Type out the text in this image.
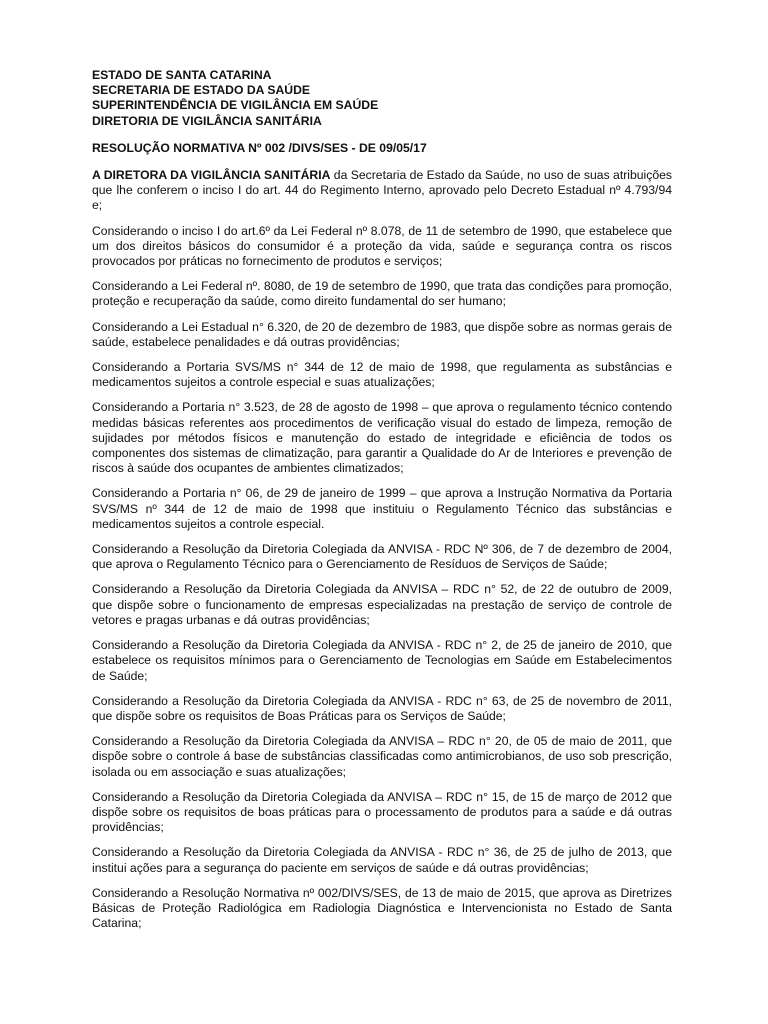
ESTADO DE SANTA CATARINA
SECRETARIA DE ESTADO DA SAÚDE
SUPERINTENDÊNCIA DE VIGILÂNCIA EM SAÚDE
DIRETORIA DE VIGILÂNCIA SANITÁRIA
RESOLUÇÃO NORMATIVA Nº 002 /DIVS/SES - DE 09/05/17

A DIRETORA DA VIGILÂNCIA SANITÁRIA da Secretaria de Estado da Saúde, no uso de suas atribuições que lhe conferem o inciso I do art. 44 do Regimento Interno, aprovado pelo Decreto Estadual nº 4.793/94 e;

Considerando o inciso I do art.6º da Lei Federal nº 8.078, de 11 de setembro de 1990, que estabelece que um dos direitos básicos do consumidor é a proteção da vida, saúde e segurança contra os riscos provocados por práticas no fornecimento de produtos e serviços;

Considerando a Lei Federal nº. 8080, de 19 de setembro de 1990, que trata das condições para promoção, proteção e recuperação da saúde, como direito fundamental do ser humano;

Considerando a Lei Estadual n° 6.320, de 20 de dezembro de 1983, que dispõe sobre as normas gerais de saúde, estabelece penalidades e dá outras providências;

Considerando a Portaria SVS/MS n° 344 de 12 de maio de 1998, que regulamenta as substâncias e medicamentos sujeitos a controle especial e suas atualizações;

Considerando a Portaria n° 3.523, de 28 de agosto de 1998 – que aprova o regulamento técnico contendo medidas básicas referentes aos procedimentos de verificação visual do estado de limpeza, remoção de sujidades por métodos físicos e manutenção do estado de integridade e eficiência de todos os componentes dos sistemas de climatização, para garantir a Qualidade do Ar de Interiores e prevenção de riscos à saúde dos ocupantes de ambientes climatizados;

Considerando a Portaria n° 06, de 29 de janeiro de 1999 – que aprova a Instrução Normativa da Portaria SVS/MS nº 344 de 12 de maio de 1998 que instituiu o Regulamento Técnico das substâncias e medicamentos sujeitos a controle especial.

Considerando a Resolução da Diretoria Colegiada da ANVISA - RDC Nº 306, de 7 de dezembro de 2004, que aprova o Regulamento Técnico para o Gerenciamento de Resíduos de Serviços de Saúde;

Considerando a Resolução da Diretoria Colegiada da ANVISA – RDC n° 52, de 22 de outubro de 2009, que dispõe sobre o funcionamento de empresas especializadas na prestação de serviço de controle de vetores e pragas urbanas e dá outras providências;

Considerando a Resolução da Diretoria Colegiada da ANVISA - RDC n° 2, de 25 de janeiro de 2010, que estabelece os requisitos mínimos para o Gerenciamento de Tecnologias em Saúde em Estabelecimentos de Saúde;

Considerando a Resolução da Diretoria Colegiada da ANVISA - RDC n° 63, de 25 de novembro de 2011, que dispõe sobre os requisitos de Boas Práticas para os Serviços de Saúde;

Considerando a Resolução da Diretoria Colegiada da ANVISA – RDC n° 20, de 05 de maio de 2011, que dispõe sobre o controle á base de substâncias classificadas como antimicrobianos, de uso sob prescrição, isolada ou em associação e suas atualizações;

Considerando a Resolução da Diretoria Colegiada da ANVISA – RDC n° 15, de 15 de março de 2012 que dispõe sobre os requisitos de boas práticas para o processamento de produtos para a saúde e dá outras providências;

Considerando a Resolução da Diretoria Colegiada da ANVISA - RDC n° 36, de 25 de julho de 2013, que institui ações para a segurança do paciente em serviços de saúde e dá outras providências;

Considerando a Resolução Normativa nº 002/DIVS/SES, de 13 de maio de 2015, que aprova as Diretrizes Básicas de Proteção Radiológica em Radiologia Diagnóstica e Intervencionista no Estado de Santa Catarina;
